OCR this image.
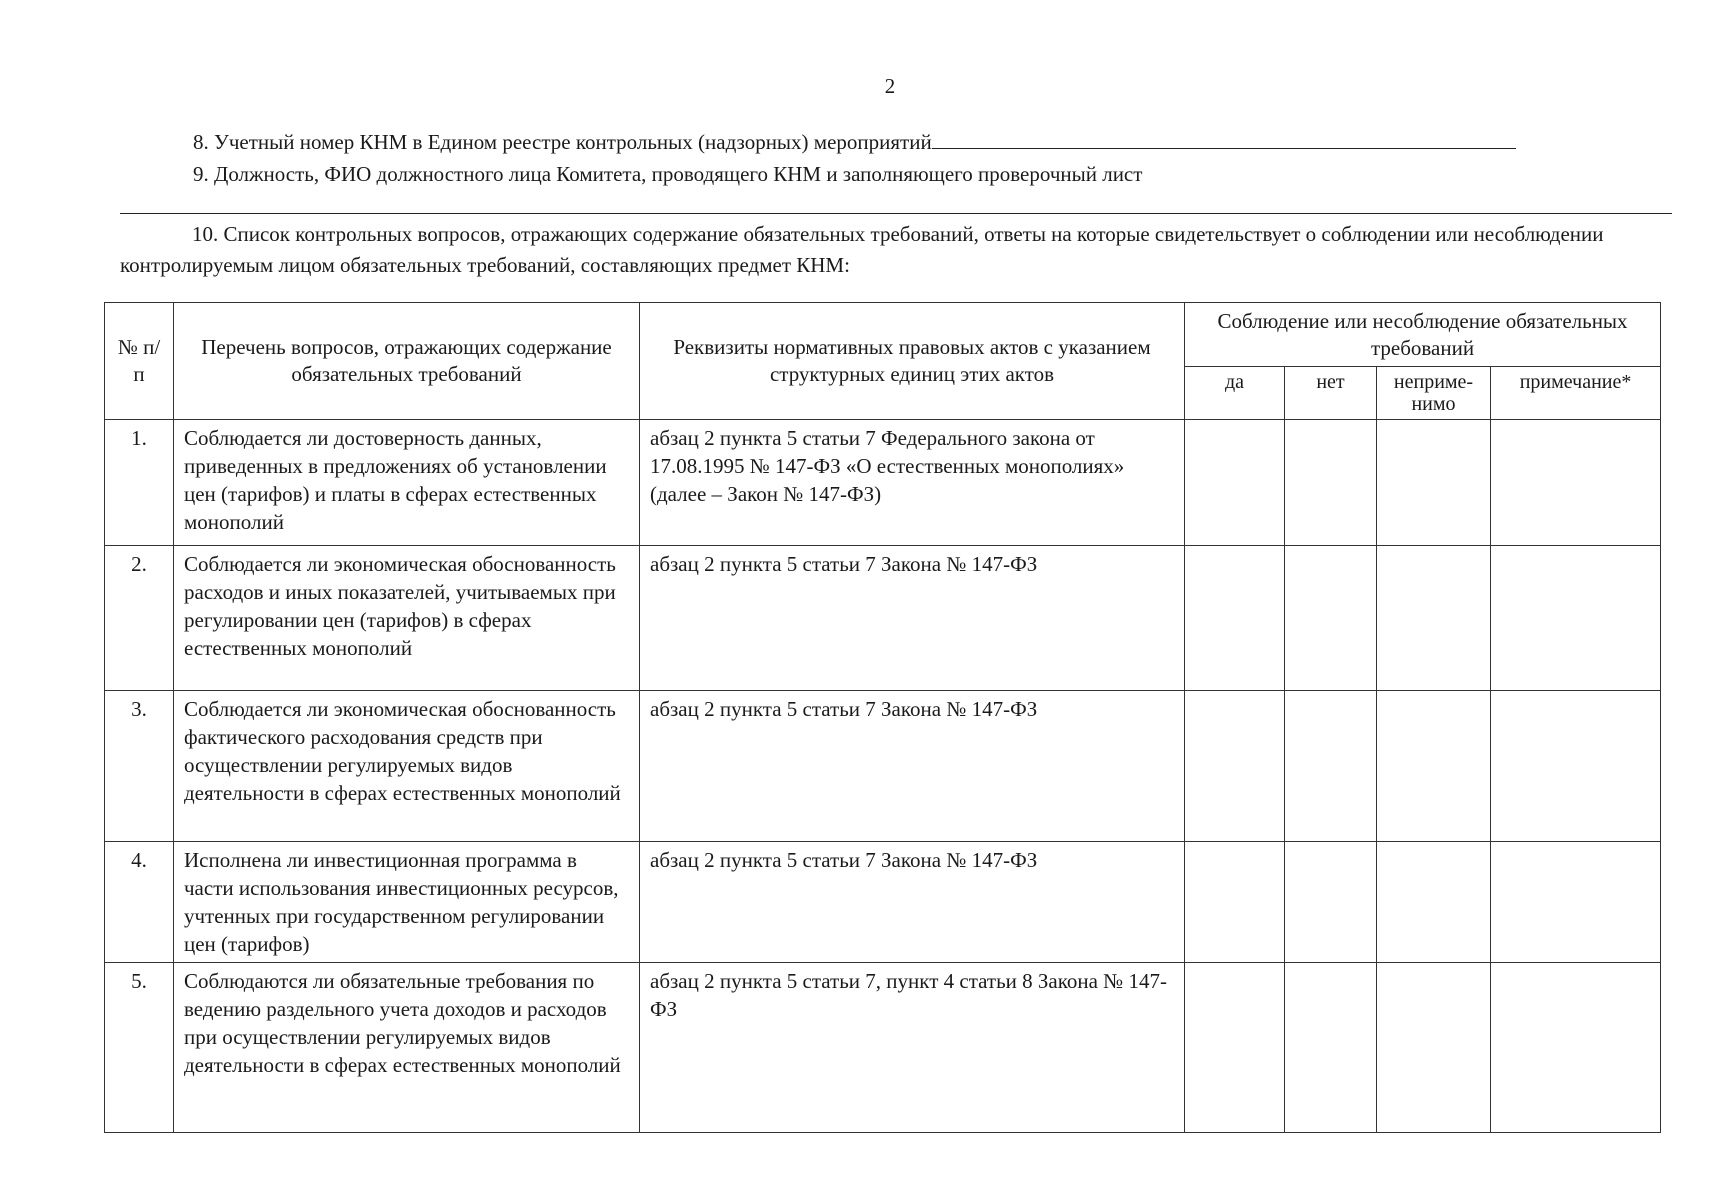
2
8. Учетный номер КНМ в Едином реестре контрольных (надзорных) мероприятий
9. Должность, ФИО должностного лица Комитета, проводящего КНМ и заполняющего проверочный лист
10. Список контрольных вопросов, отражающих содержание обязательных требований, ответы на которые свидетельствует о соблюдении или несоблюдении контролируемым лицом обязательных требований, составляющих предмет КНМ:
№ п/п	Перечень вопросов, отражающих содержание обязательных требований	Реквизиты нормативных правовых актов с указанием структурных единиц этих актов	Соблюдение или несоблюдение обязательных требований			
			да	нет	неприме-нимо	примечание*
1.	Соблюдается ли достоверность данных, приведенных в предложениях об установлении цен (тарифов) и платы в сферах естественных монополий	абзац 2 пункта 5 статьи 7 Федерального закона от 17.08.1995 № 147-ФЗ «О естественных монополиях» (далее – Закон № 147-ФЗ)				
2.	Соблюдается ли экономическая обоснованность расходов и иных показателей, учитываемых при регулировании цен (тарифов) в сферах естественных монополий	абзац 2 пункта 5 статьи 7 Закона № 147-ФЗ				
3.	Соблюдается ли экономическая обоснованность фактического расходования средств при осуществлении регулируемых видов деятельности в сферах естественных монополий	абзац 2 пункта 5 статьи 7 Закона № 147-ФЗ				
4.	Исполнена ли инвестиционная программа в части использования инвестиционных ресурсов, учтенных при государственном регулировании цен (тарифов)	абзац 2 пункта 5 статьи 7 Закона № 147-ФЗ				
5.	Соблюдаются ли обязательные требования по ведению раздельного учета доходов и расходов при осуществлении регулируемых видов деятельности в сферах естественных монополий	абзац 2 пункта 5 статьи 7, пункт 4 статьи 8 Закона № 147-ФЗ				
